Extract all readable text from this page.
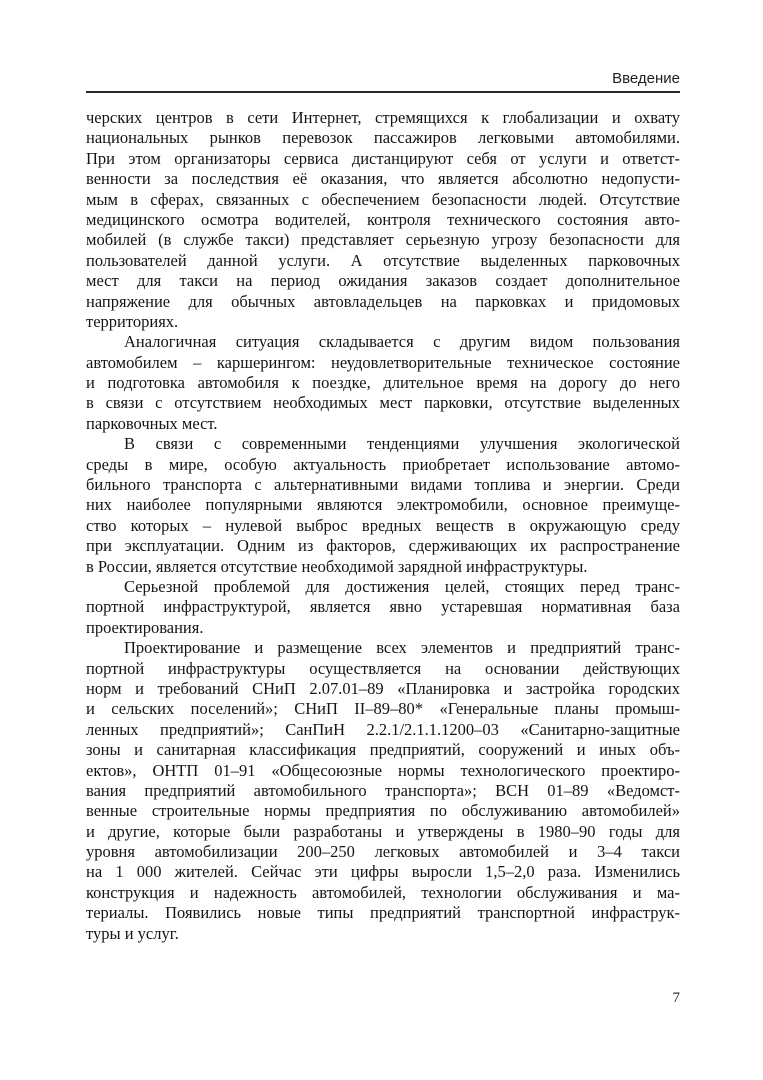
Введение
черских центров в сети Интернет, стремящихся к глобализации и охвату
национальных рынков перевозок пассажиров легковыми автомобилями.
При этом организаторы сервиса дистанцируют себя от услуги и ответст-
венности за последствия её оказания, что является абсолютно недопусти-
мым в сферах, связанных с обеспечением безопасности людей. Отсутствие
медицинского осмотра водителей, контроля технического состояния авто-
мобилей (в службе такси) представляет серьезную угрозу безопасности для
пользователей данной услуги. А отсутствие выделенных парковочных
мест для такси на период ожидания заказов создает дополнительное
напряжение для обычных автовладельцев на парковках и придомовых
территориях.
Аналогичная ситуация складывается с другим видом пользования
автомобилем – каршерингом: неудовлетворительные техническое состояние
и подготовка автомобиля к поездке, длительное время на дорогу до него
в связи с отсутствием необходимых мест парковки, отсутствие выделенных
парковочных мест.
В связи с современными тенденциями улучшения экологической
среды в мире, особую актуальность приобретает использование автомо-
бильного транспорта с альтернативными видами топлива и энергии. Среди
них наиболее популярными являются электромобили, основное преимуще-
ство которых – нулевой выброс вредных веществ в окружающую среду
при эксплуатации. Одним из факторов, сдерживающих их распространение
в России, является отсутствие необходимой зарядной инфраструктуры.
Серьезной проблемой для достижения целей, стоящих перед транс-
портной инфраструктурой, является явно устаревшая нормативная база
проектирования.
Проектирование и размещение всех элементов и предприятий транс-
портной инфраструктуры осуществляется на основании действующих
норм и требований СНиП 2.07.01–89 «Планировка и застройка городских
и сельских поселений»; СНиП II–89–80* «Генеральные планы промыш-
ленных предприятий»; СанПиН 2.2.1/2.1.1.1200–03 «Санитарно-защитные
зоны и санитарная классификация предприятий, сооружений и иных объ-
ектов», ОНТП 01–91 «Общесоюзные нормы технологического проектиро-
вания предприятий автомобильного транспорта»; ВСН 01–89 «Ведомст-
венные строительные нормы предприятия по обслуживанию автомобилей»
и другие, которые были разработаны и утверждены в 1980–90 годы для
уровня автомобилизации 200–250 легковых автомобилей и 3–4 такси
на 1 000 жителей. Сейчас эти цифры выросли 1,5–2,0 раза. Изменились
конструкция и надежность автомобилей, технологии обслуживания и ма-
териалы. Появились новые типы предприятий транспортной инфраструк-
туры и услуг.
7
